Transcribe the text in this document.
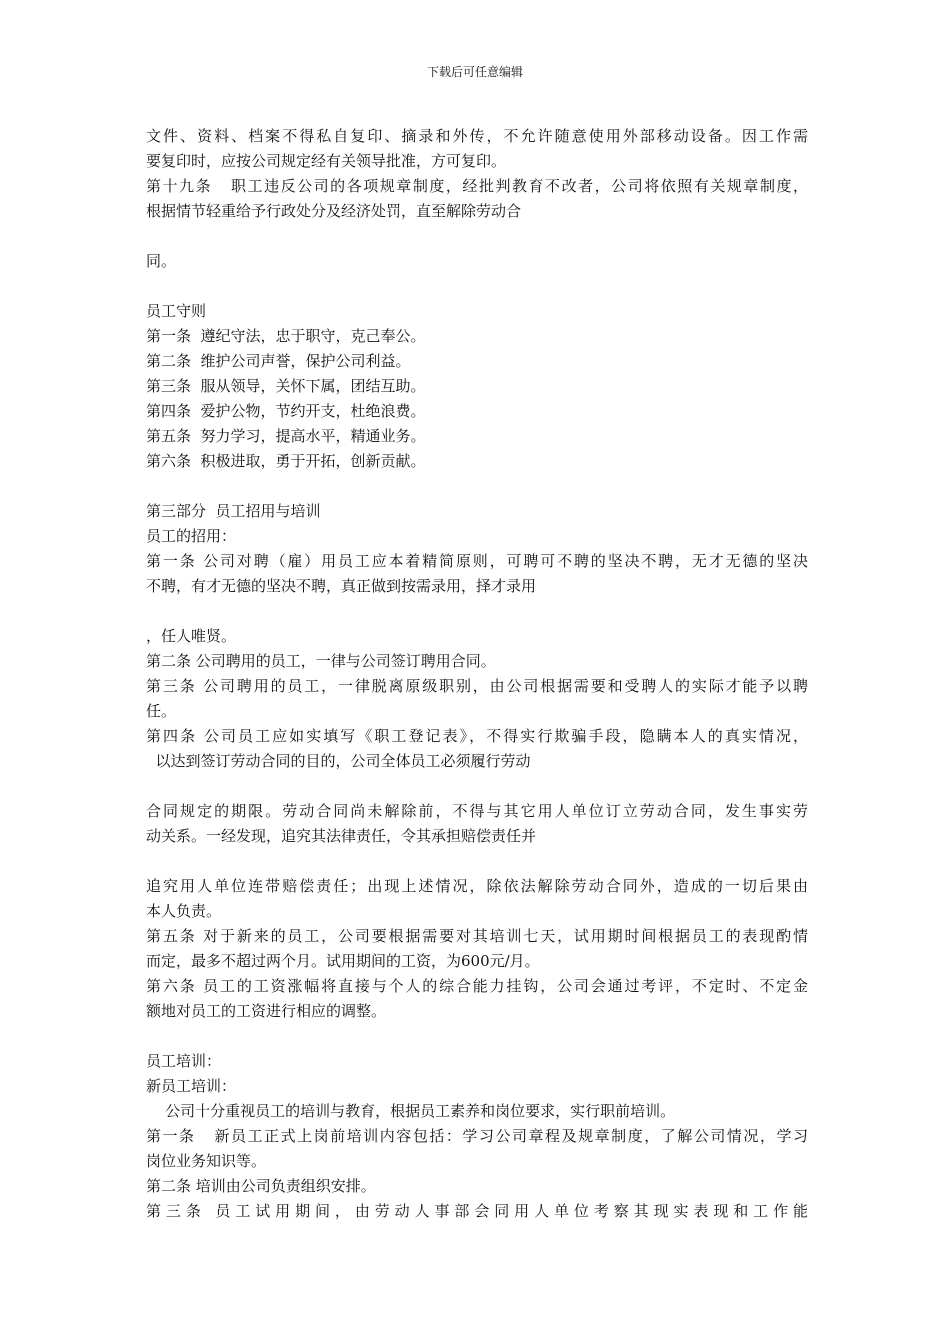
下载后可任意编辑
文件、资料、档案不得私自复印、摘录和外传，不允许随意使用外部移动设备。因工作需
要复印时，应按公司规定经有关领导批准，方可复印。
第十九条   职工违反公司的各项规章制度，经批判教育不改者，公司将依照有关规章制度，
根据情节轻重给予行政处分及经济处罚，直至解除劳动合
同。
员工守则
第一条  遵纪守法，忠于职守，克己奉公。
第二条  维护公司声誉，保护公司利益。
第三条  服从领导，关怀下属，团结互助。
第四条  爱护公物，节约开支，杜绝浪费。
第五条  努力学习，提高水平，精通业务。
第六条  积极进取，勇于开拓，创新贡献。
第三部分  员工招用与培训
员工的招用：
第一条 公司对聘（雇）用员工应本着精简原则，可聘可不聘的坚决不聘，无才无德的坚决
不聘，有才无德的坚决不聘，真正做到按需录用，择才录用
，任人唯贤。
第二条 公司聘用的员工，一律与公司签订聘用合同。
第三条 公司聘用的员工，一律脱离原级职别，由公司根据需要和受聘人的实际才能予以聘
任。
第四条 公司员工应如实填写《职工登记表》，不得实行欺骗手段，隐瞒本人的真实情况，
以达到签订劳动合同的目的，公司全体员工必须履行劳动
合同规定的期限。劳动合同尚未解除前，不得与其它用人单位订立劳动合同，发生事实劳
动关系。一经发现，追究其法律责任，令其承担赔偿责任并
追究用人单位连带赔偿责任；出现上述情况，除依法解除劳动合同外，造成的一切后果由
本人负责。
第五条 对于新来的员工，公司要根据需要对其培训七天，试用期时间根据员工的表现酌情
而定，最多不超过两个月。试用期间的工资，为600元/月。
第六条 员工的工资涨幅将直接与个人的综合能力挂钩，公司会通过考评，不定时、不定金
额地对员工的工资进行相应的调整。
员工培训：
新员工培训：
公司十分重视员工的培训与教育，根据员工素养和岗位要求，实行职前培训。
第一条   新员工正式上岗前培训内容包括：学习公司章程及规章制度，了解公司情况，学习
岗位业务知识等。
第二条 培训由公司负责组织安排。
第三条 员工试用期间，由劳动人事部会同用人单位考察其现实表现和工作能
